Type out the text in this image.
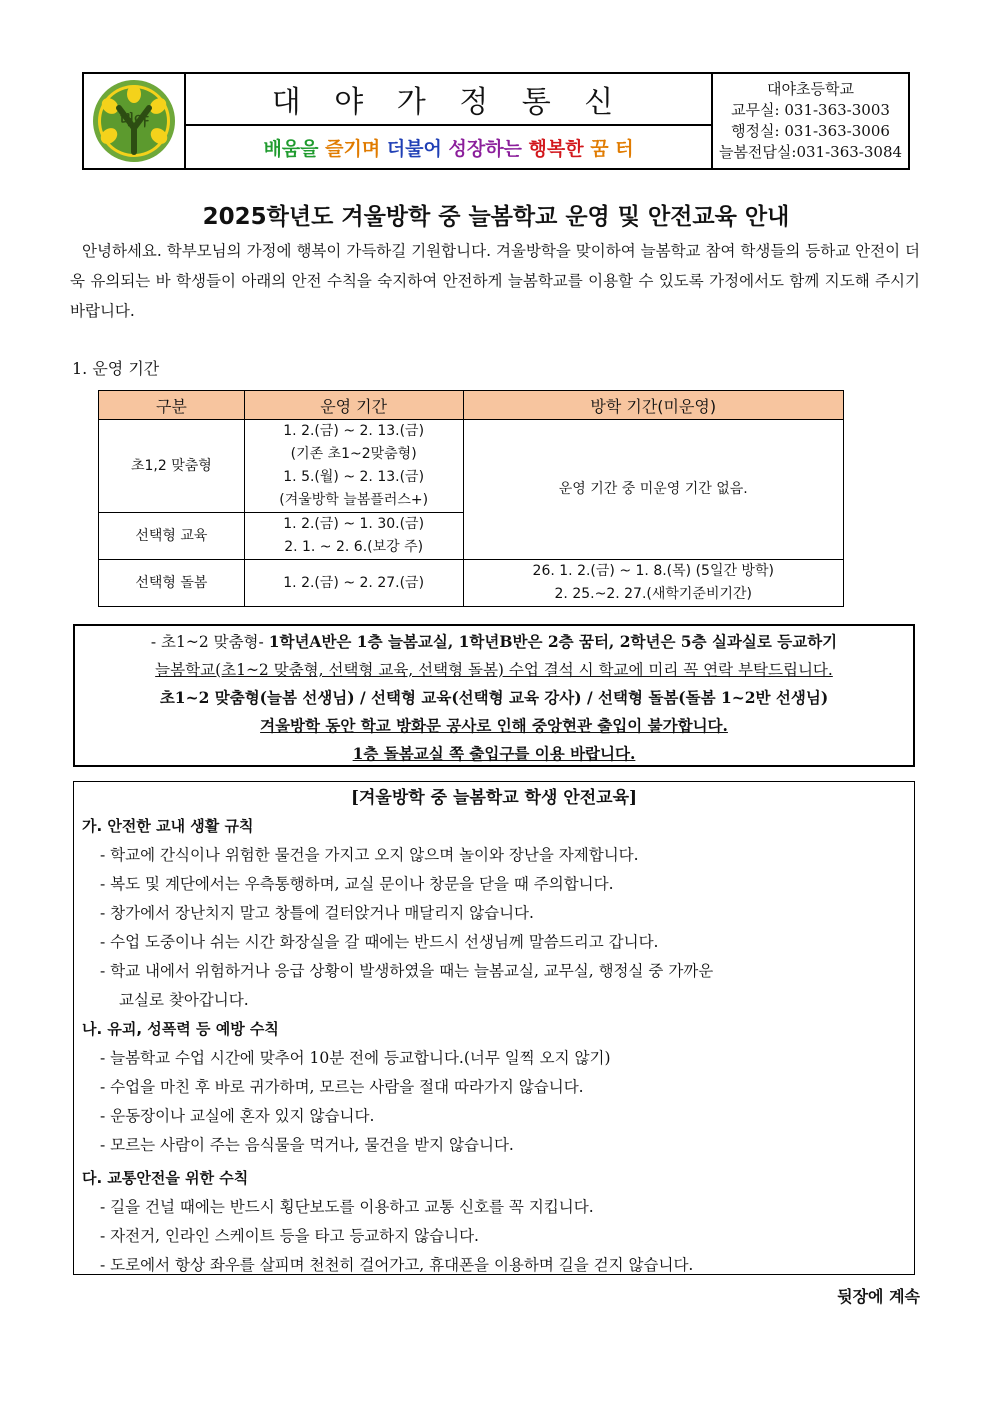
대야	대 야 가 정 통 신
배움을
즐기며
더불어
성장하는
행복한
꿈 터
대야초등학교
교무실: 031-363-3003
행정실: 031-363-3006
늘봄전담실:031-363-3084
2025학년도 겨울방학 중 늘봄학교 운영 및 안전교육 안내
안녕하세요. 학부모님의 가정에 행복이 가득하길 기원합니다. 겨울방학을 맞이하여 늘봄학교 참여 학생들의 등하교 안전이 더욱 유의되는 바 학생들이 아래의 안전 수칙을 숙지하여 안전하게 늘봄학교를 이용할 수 있도록 가정에서도 함께 지도해 주시기 바랍니다.
1. 운영 기간
구분	운영 기간	방학 기간(미운영)
초1,2 맞춤형	1. 2.(금) ~ 2. 13.(금)
(기존 초1~2맞춤형)
1. 5.(월) ~ 2. 13.(금)
(겨울방학 늘봄플러스+)	운영 기간 중 미운영 기간 없음.
선택형 교육	1. 2.(금) ~ 1. 30.(금)
2. 1. ~ 2. 6.(보강 주)	

선택형 돌봄	1. 2.(금) ~ 2. 27.(금)	26. 1. 2.(금) ~ 1. 8.(목) (5일간 방학)
2. 25.~2. 27.(새학기준비기간)
- 초1~2 맞춤형- 1학년A반은 1층 늘봄교실, 1학년B반은 2층 꿈터, 2학년은 5층 실과실로 등교하기
늘봄학교(초1~2 맞춤형, 선택형 교육, 선택형 돌봄) 수업 결석 시 학교에 미리 꼭 연락 부탁드립니다.
초1~2 맞춤형(늘봄 선생님) / 선택형 교육(선택형 교육 강사) / 선택형 돌봄(돌봄 1~2반 선생님)
겨울방학 동안 학교 방화문 공사로 인해 중앙현관 출입이 불가합니다.
1층 돌봄교실 쪽 출입구를 이용 바랍니다.
[겨울방학 중 늘봄학교 학생 안전교육]
가. 안전한 교내 생활 규칙
- 학교에 간식이나 위험한 물건을 가지고 오지 않으며 놀이와 장난을 자제합니다.
- 복도 및 계단에서는 우측통행하며, 교실 문이나 창문을 닫을 때 주의합니다.
- 창가에서 장난치지 말고 창틀에 걸터앉거나 매달리지 않습니다.
- 수업 도중이나 쉬는 시간 화장실을 갈 때에는 반드시 선생님께 말씀드리고 갑니다.
- 학교 내에서 위험하거나 응급 상황이 발생하였을 때는 늘봄교실, 교무실, 행정실 중 가까운
교실로 찾아갑니다.
나. 유괴, 성폭력 등 예방 수칙
- 늘봄학교 수업 시간에 맞추어 10분 전에 등교합니다.(너무 일찍 오지 않기)
- 수업을 마친 후 바로 귀가하며, 모르는 사람을 절대 따라가지 않습니다.
- 운동장이나 교실에 혼자 있지 않습니다.
- 모르는 사람이 주는 음식물을 먹거나, 물건을 받지 않습니다.
다. 교통안전을 위한 수칙
- 길을 건널 때에는 반드시 횡단보도를 이용하고 교통 신호를 꼭 지킵니다.
- 자전거, 인라인 스케이트 등을 타고 등교하지 않습니다.
- 도로에서 항상 좌우를 살피며 천천히 걸어가고, 휴대폰을 이용하며 길을 걷지 않습니다.
뒷장에 계속
